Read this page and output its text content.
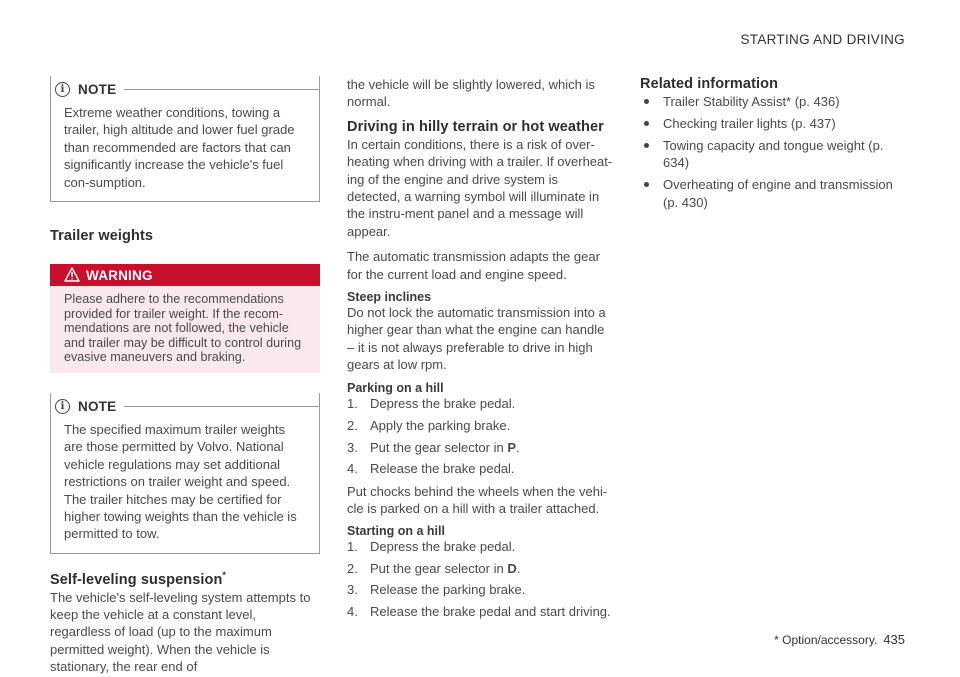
STARTING AND DRIVING
i	NOTE
Extreme weather conditions, towing a trailer, high altitude and lower fuel grade than recommended are factors that can significantly increase the vehicle's fuel con-sumption.
Trailer weights
WARNING
Please adhere to the recommendations provided for trailer weight. If the recom-mendations are not followed, the vehicle and trailer may be difficult to control during evasive maneuvers and braking.
i	NOTE
The specified maximum trailer weights are those permitted by Volvo. National vehicle regulations may set additional restrictions on trailer weight and speed. The trailer hitches may be certified for higher towing weights than the vehicle is permitted to tow.
Self-leveling suspension*

The vehicle's self-leveling system attempts to keep the vehicle at a constant level, regardless of load (up to the maximum permitted weight). When the vehicle is stationary, the rear end of

the vehicle will be slightly lowered, which is normal.

Driving in hilly terrain or hot weather

In certain conditions, there is a risk of over-heating when driving with a trailer. If overheat-ing of the engine and drive system is detected, a warning symbol will illuminate in the instru-ment panel and a message will appear.

The automatic transmission adapts the gear for the current load and engine speed.

Steep inclines

Do not lock the automatic transmission into a higher gear than what the engine can handle – it is not always preferable to drive in high gears at low rpm.

Parking on a hill
1. Depress the brake pedal.
2. Apply the parking brake.
3. Put the gear selector in P.
4. Release the brake pedal.

Put chocks behind the wheels when the vehi-cle is parked on a hill with a trailer attached.

Starting on a hill
1. Depress the brake pedal.
2. Put the gear selector in D.
3. Release the parking brake.
4. Release the brake pedal and start driving.
Related information
Trailer Stability Assist* (p. 436)
Checking trailer lights (p. 437)
Towing capacity and tongue weight (p. 634)
Overheating of engine and transmission (p. 430)
* Option/accessory. 435
